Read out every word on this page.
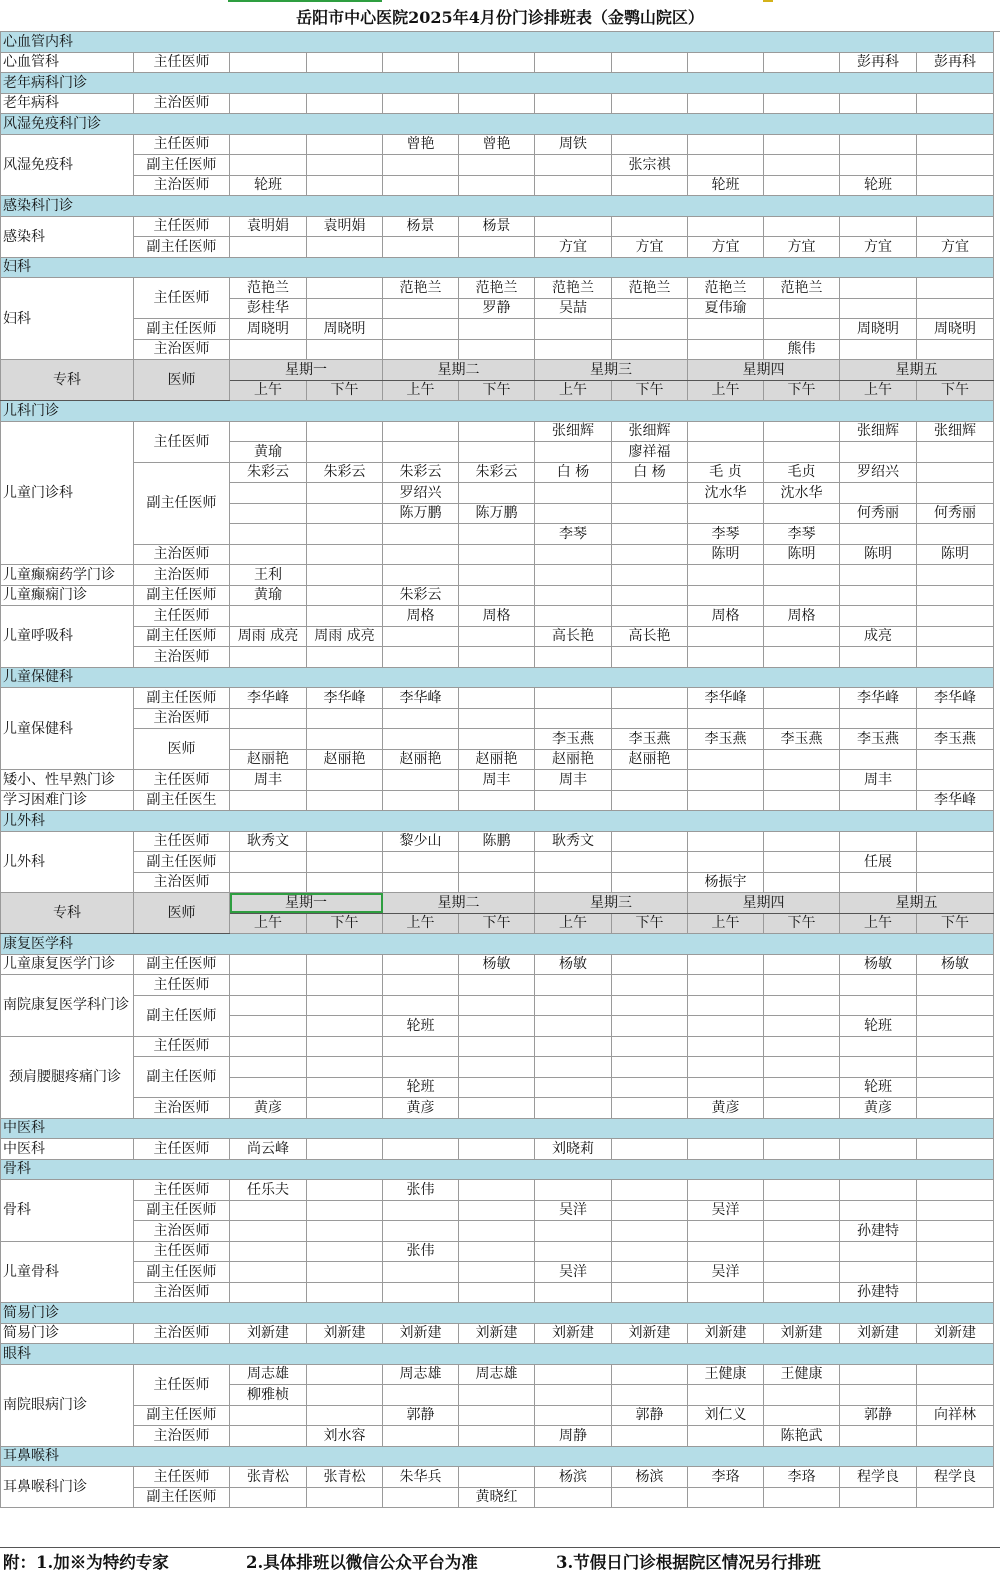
岳阳市中心医院2025年4月份门诊排班表（金鹗山院区）
心血管内科											
心血管科	主任医师									彭再科	彭再科
老年病科门诊											
老年病科	主治医师										
风湿免疫科门诊											
风湿免疫科	主任医师			曾艳	曾艳	周铁					
	副主任医师						张宗祺				
	主治医师	轮班						轮班		轮班	
感染科门诊											
感染科	主任医师	袁明娟	袁明娟	杨景	杨景						
	副主任医师					方宜	方宜	方宜	方宜	方宜	方宜
妇科											
妇科	主任医师	范艳兰		范艳兰	范艳兰	范艳兰	范艳兰	范艳兰	范艳兰		
		彭桂华			罗静	吴喆		夏伟瑜			
	副主任医师	周晓明	周晓明							周晓明	周晓明
	主治医师								熊伟		
专科	医师	星期一		星期二		星期三		星期四		星期五	
		上午	下午	上午	下午	上午	下午	上午	下午	上午	下午
儿科门诊											
儿童门诊科	主任医师					张细辉	张细辉			张细辉	张细辉
		黄瑜					廖祥福				
	副主任医师	朱彩云	朱彩云	朱彩云	朱彩云	白 杨	白 杨	毛 贞	毛贞	罗绍兴	
				罗绍兴				沈水华	沈水华		
				陈万鹏	陈万鹏					何秀丽	何秀丽
						李琴		李琴	李琴		
	主治医师							陈明	陈明	陈明	陈明
儿童癫痫药学门诊	主治医师	王利									
儿童癫痫门诊	副主任医师	黄瑜		朱彩云							
儿童呼吸科	主任医师			周格	周格			周格	周格		
	副主任医师	周雨 成亮	周雨 成亮			高长艳	高长艳			成亮	
	主治医师										
儿童保健科											
儿童保健科	副主任医师	李华峰	李华峰	李华峰				李华峰		李华峰	李华峰
	主治医师										
	医师					李玉燕	李玉燕	李玉燕	李玉燕	李玉燕	李玉燕
		赵丽艳	赵丽艳	赵丽艳	赵丽艳	赵丽艳	赵丽艳				
矮小、性早熟门诊	主任医师	周丰			周丰	周丰				周丰	
学习困难门诊	副主任医生										李华峰
儿外科											
儿外科	主任医师	耿秀文		黎少山	陈鹏	耿秀文					
	副主任医师									任展	
	主治医师							杨振宇			
专科	医师	星期一		星期二		星期三		星期四		星期五	
		上午	下午	上午	下午	上午	下午	上午	下午	上午	下午
康复医学科											
儿童康复医学门诊	副主任医师				杨敏	杨敏				杨敏	杨敏
南院康复医学科门诊	主任医师										
	副主任医师										
				轮班						轮班	
颈肩腰腿疼痛门诊	主任医师										
	副主任医师										
				轮班						轮班	
	主治医师	黄彦		黄彦				黄彦		黄彦	
中医科											
中医科	主任医师	尚云峰				刘晓莉					
骨科											
骨科	主任医师	任乐夫		张伟							
	副主任医师					吴洋		吴洋			
	主治医师									孙建特	
儿童骨科	主任医师			张伟							
	副主任医师					吴洋		吴洋			
	主治医师									孙建特	
简易门诊											
简易门诊	主治医师	刘新建	刘新建	刘新建	刘新建	刘新建	刘新建	刘新建	刘新建	刘新建	刘新建
眼科											
南院眼病门诊	主任医师	周志雄		周志雄	周志雄			王健康	王健康		
		柳雅桢									
	副主任医师			郭静			郭静	刘仁义		郭静	向祥林
	主治医师		刘水容			周静			陈艳武		
耳鼻喉科											
耳鼻喉科门诊	主任医师	张青松	张青松	朱华兵		杨滨	杨滨	李珞	李珞	程学良	程学良
	副主任医师				黄晓红						
附：1.加※为特约专家	2.具体排班以微信公众平台为准	3.节假日门诊根据院区情况另行排班
